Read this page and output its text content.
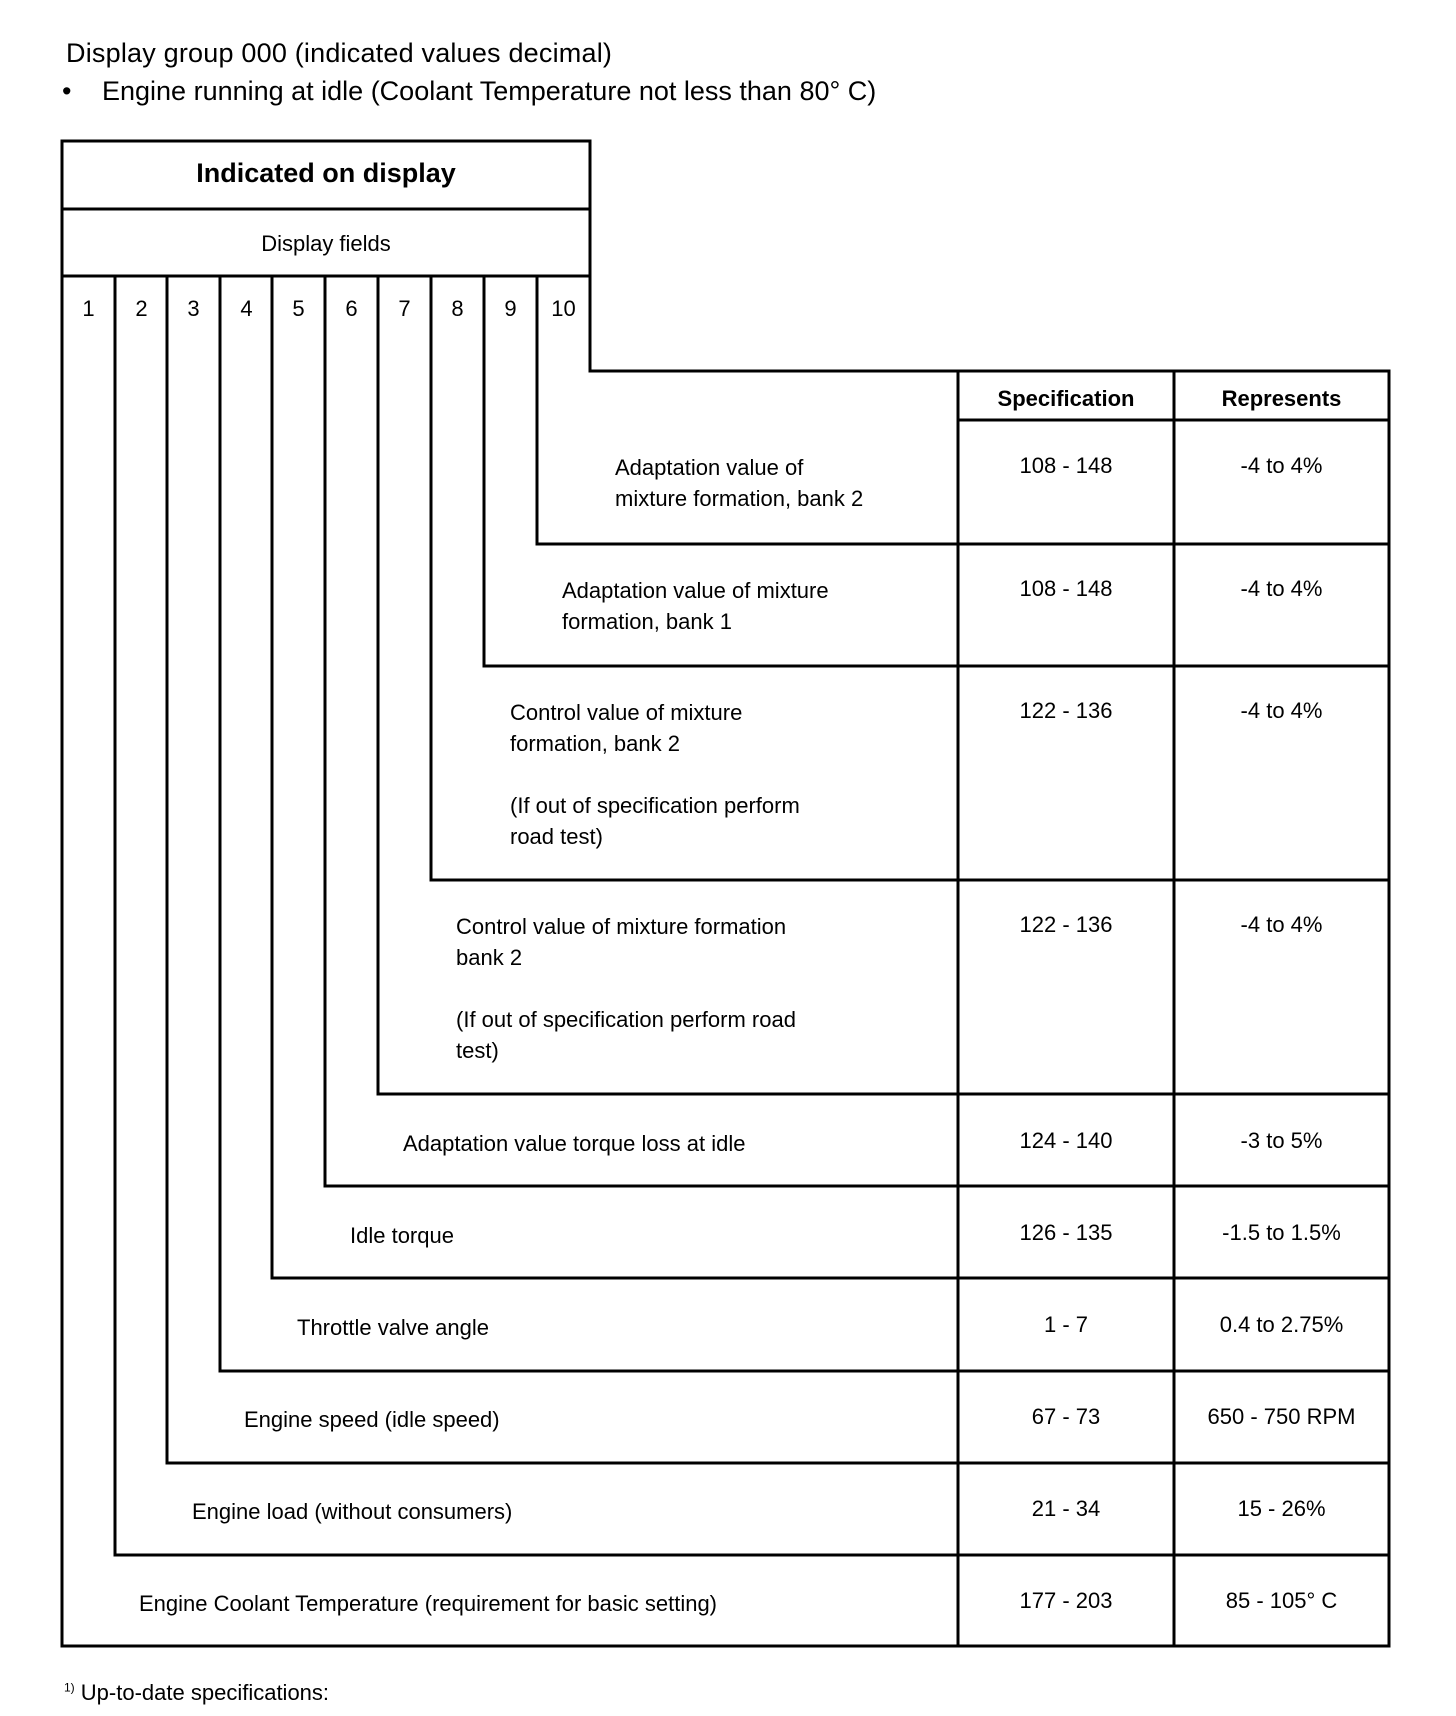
Display group 000 (indicated values decimal)
• Engine running at idle (Coolant Temperature not less than 80° C)
Indicated on display
Display fields
1	2	3	4	5	6	7	8	9	10
Specification	Represents
Adaptation value of
mixture formation, bank 2
108 - 148	-4 to 4%
Adaptation value of mixture
formation, bank 1
108 - 148	-4 to 4%
Control value of mixture
formation, bank 2
(If out of specification perform
road test)
122 - 136	-4 to 4%
Control value of mixture formation
bank 2
(If out of specification perform road
test)
122 - 136	-4 to 4%
Adaptation value torque loss at idle	124 - 140	-3 to 5%
Idle torque	126 - 135	-1.5 to 1.5%
Throttle valve angle	1 - 7	0.4 to 2.75%
Engine speed (idle speed)	67 - 73	650 - 750 RPM
Engine load (without consumers)	21 - 34	15 - 26%
Engine Coolant Temperature (requirement for basic setting)	177 - 203	85 - 105° C
$^{1)}$ Up-to-date specifications:
